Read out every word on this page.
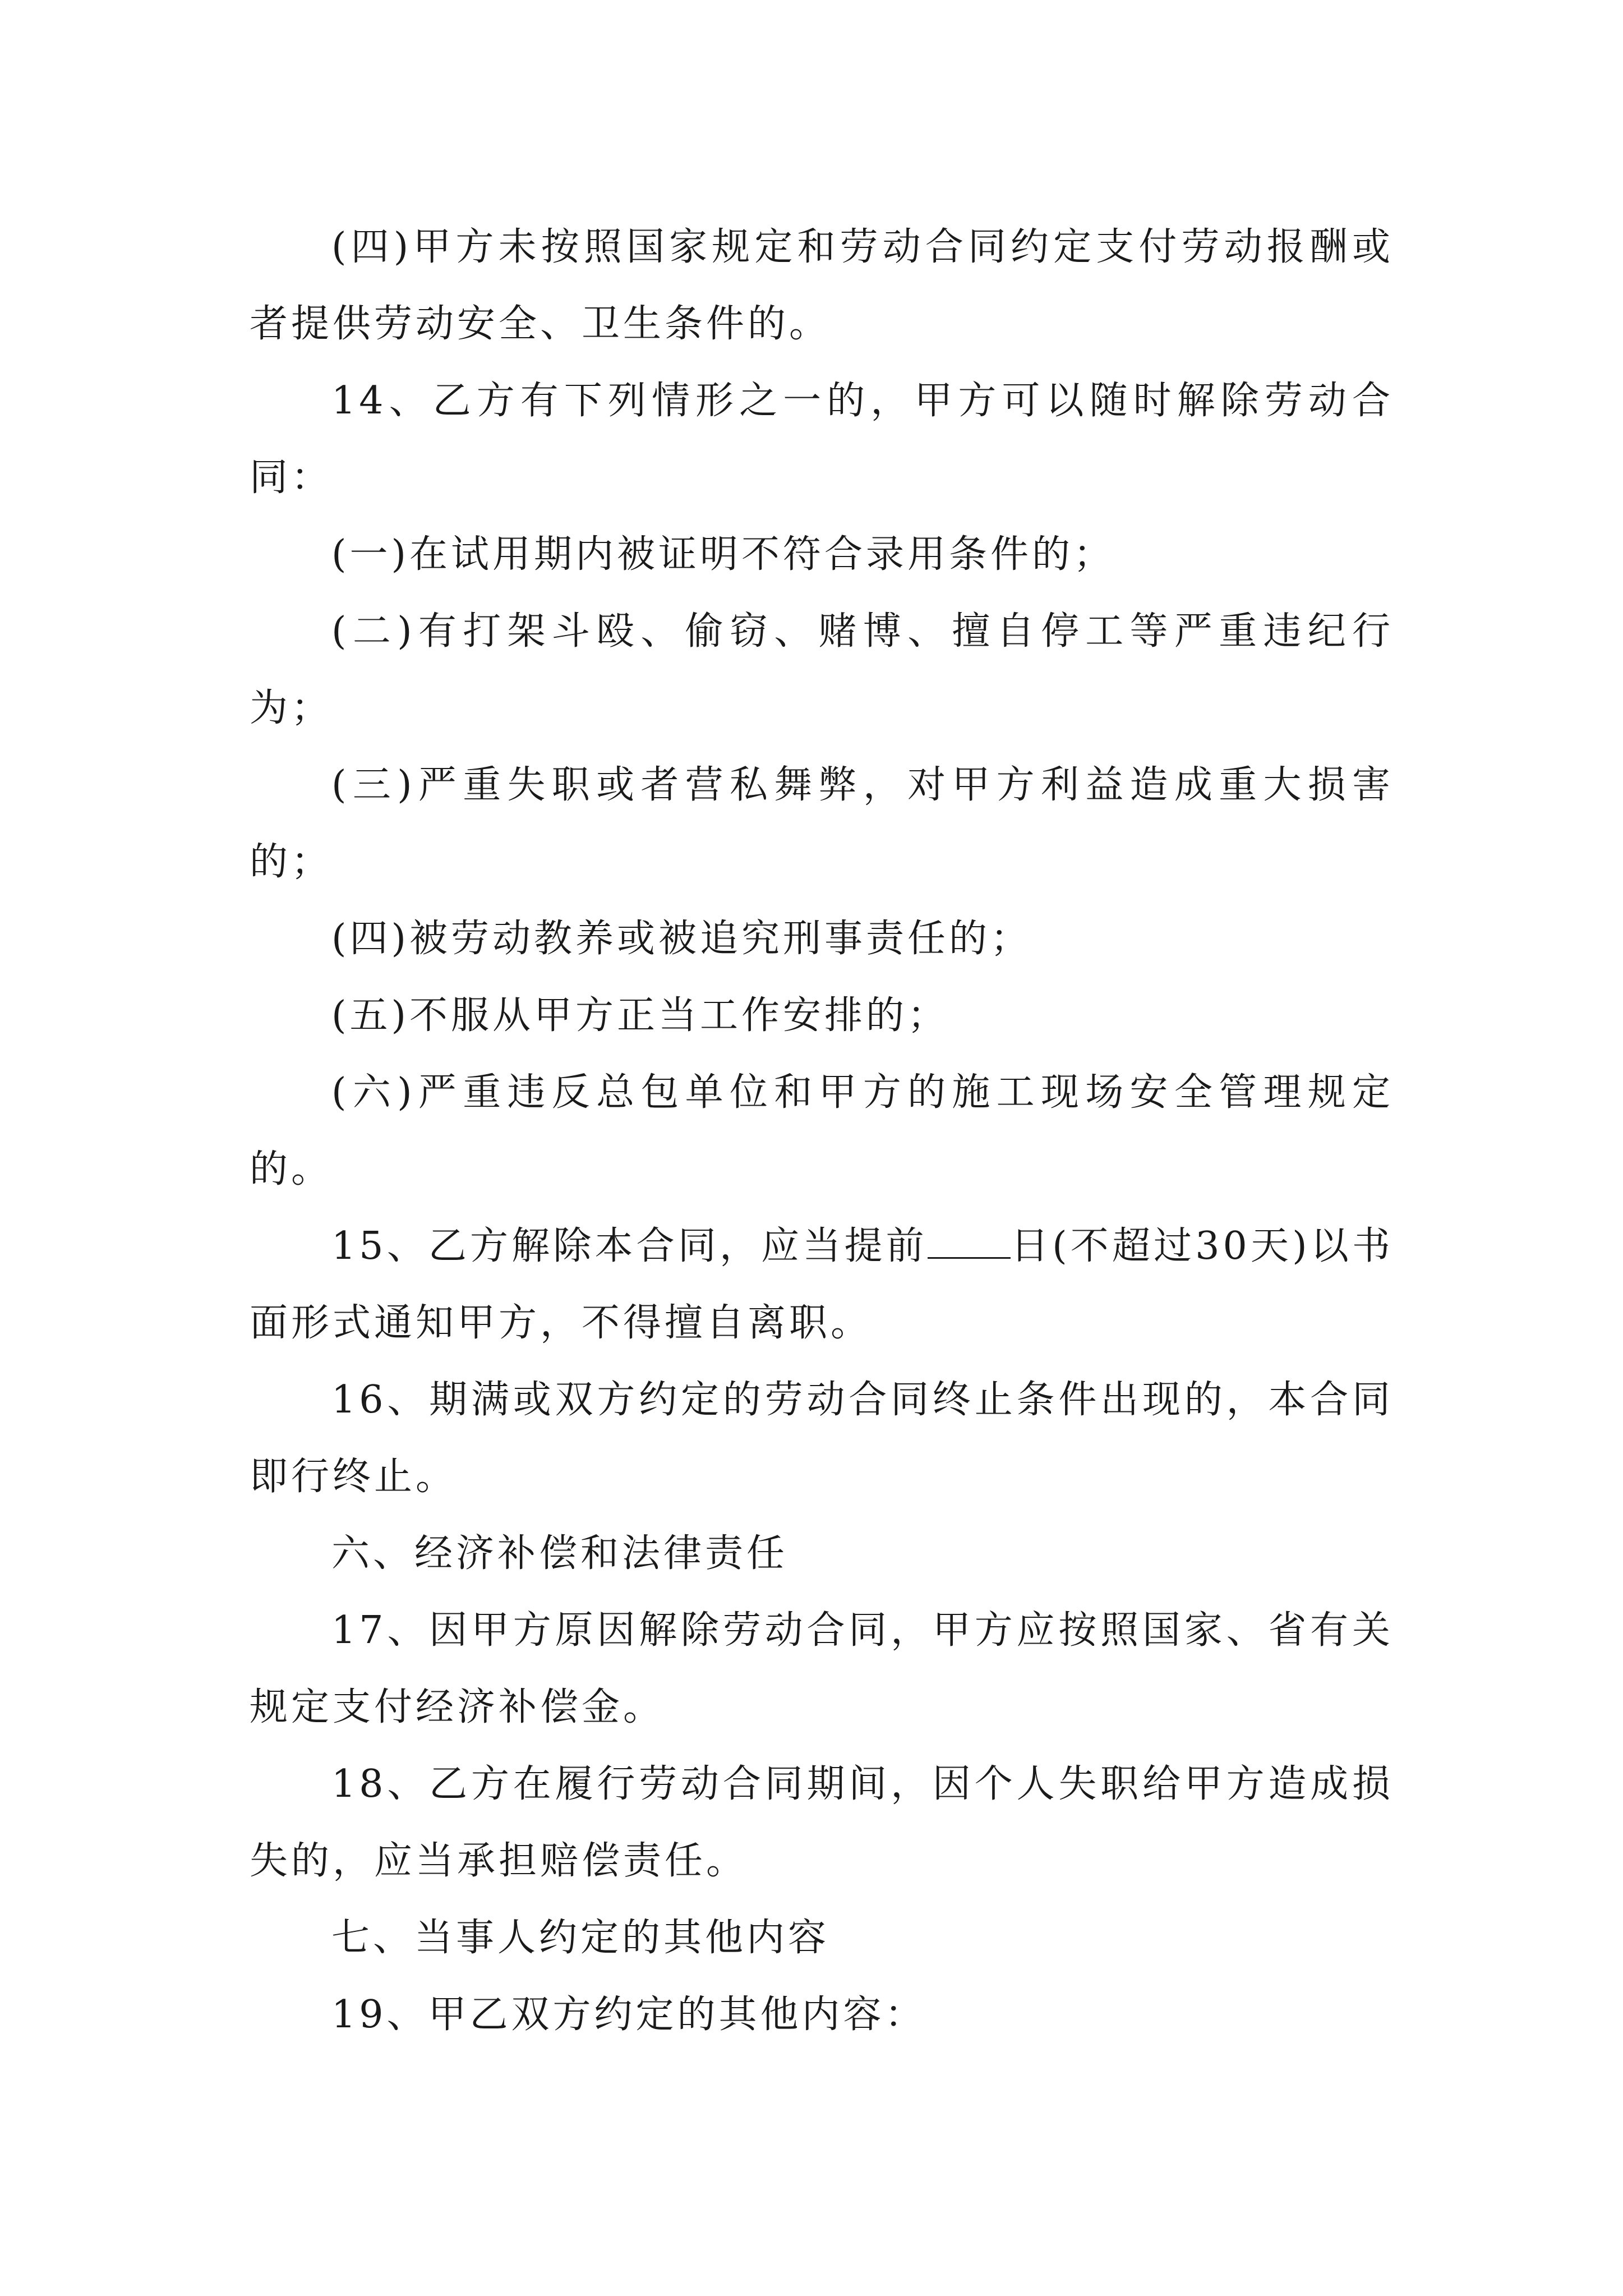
(四)甲方未按照国家规定和劳动合同约定支付劳动报酬或者提供劳动安全、卫生条件的。

14、乙方有下列情形之一的，甲方可以随时解除劳动合同：

(一)在试用期内被证明不符合录用条件的；

(二)有打架斗殴、偷窃、赌博、擅自停工等严重违纪行为；

(三)严重失职或者营私舞弊，对甲方利益造成重大损害的；

(四)被劳动教养或被追究刑事责任的；

(五)不服从甲方正当工作安排的；

(六)严重违反总包单位和甲方的施工现场安全管理规定的。

15、乙方解除本合同，应当提前 日(不超过30天)以书面形式通知甲方，不得擅自离职。

16、期满或双方约定的劳动合同终止条件出现的，本合同即行终止。

六、经济补偿和法律责任

17、因甲方原因解除劳动合同，甲方应按照国家、省有关规定支付经济补偿金。

18、乙方在履行劳动合同期间，因个人失职给甲方造成损失的，应当承担赔偿责任。

七、当事人约定的其他内容

19、甲乙双方约定的其他内容：
